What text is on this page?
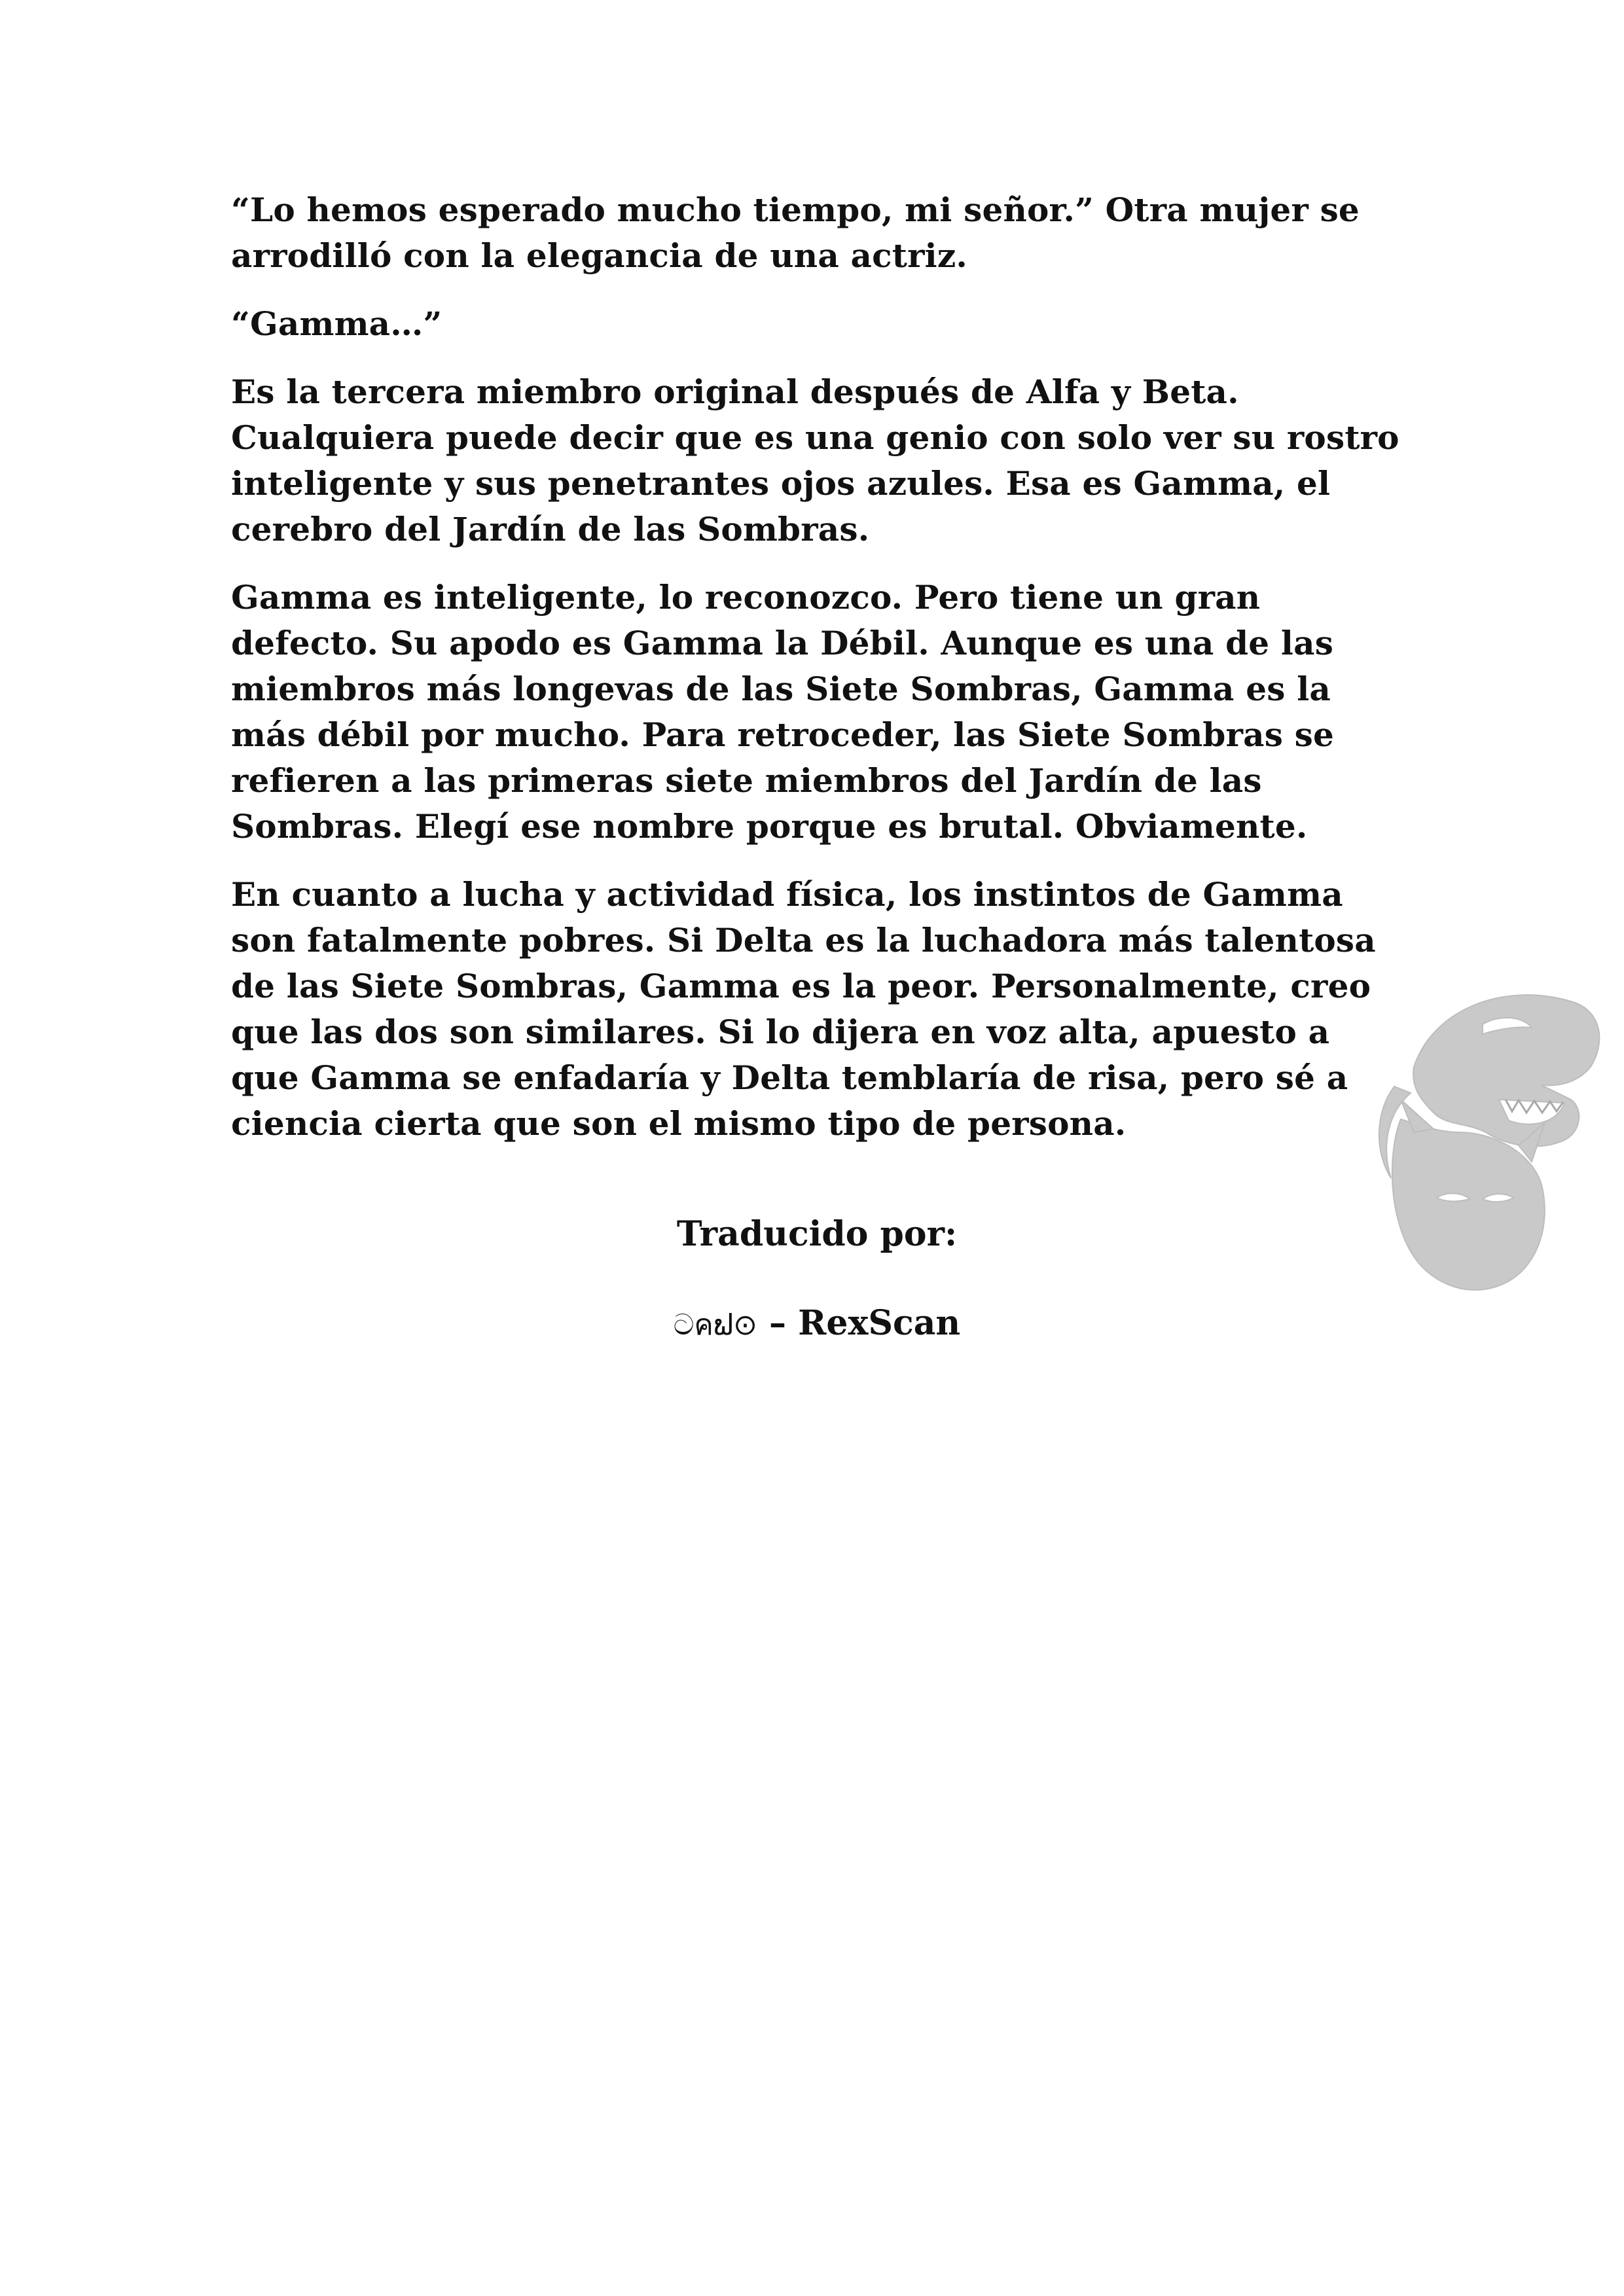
“Lo hemos esperado mucho tiempo, mi señor.” Otra mujer se arrodilló con la elegancia de una actriz.

“Gamma…”

Es la tercera miembro original después de Alfa y Beta. Cualquiera puede decir que es una genio con solo ver su rostro inteligente y sus penetrantes ojos azules. Esa es Gamma, el cerebro del Jardín de las Sombras.

Gamma es inteligente, lo reconozco. Pero tiene un gran defecto. Su apodo es Gamma la Débil. Aunque es una de las miembros más longevas de las Siete Sombras, Gamma es la más débil por mucho. Para retroceder, las Siete Sombras se refieren a las primeras siete miembros del Jardín de las Sombras. Elegí ese nombre porque es brutal. Obviamente.

En cuanto a lucha y actividad física, los instintos de Gamma son fatalmente pobres. Si Delta es la luchadora más talentosa de las Siete Sombras, Gamma es la peor. Personalmente, creo que las dos son similares. Si lo dijera en voz alta, apuesto a que Gamma se enfadaría y Delta temblaría de risa, pero sé a ciencia cierta que son el mismo tipo de persona.

Traducido por:

ටคຟ⊙ – RexScan
